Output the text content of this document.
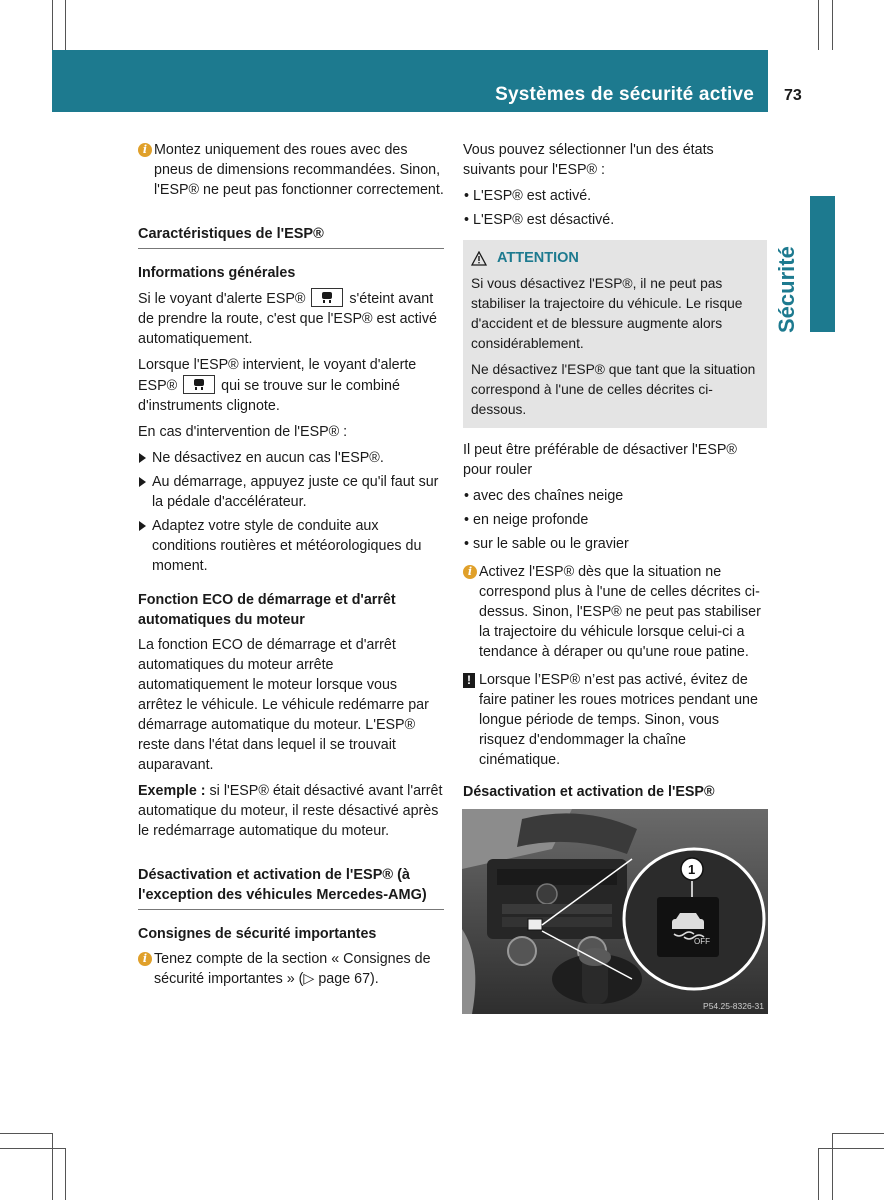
Systèmes de sécurité active 73
Sécurité
i Montez uniquement des roues avec des pneus de dimensions recommandées. Sinon, l'ESP® ne peut pas fonctionner correctement.
Caractéristiques de l'ESP®
Informations générales

Si le voyant d'alerte ESP®	s'éteint avant de prendre la route, c'est que l'ESP® est activé automatiquement.

Lorsque l'ESP® intervient, le voyant d'alerte ESP®	qui se trouve sur le combiné d'instruments clignote.

En cas d'intervention de l'ESP® :

Ne désactivez en aucun cas l'ESP®.
Au démarrage, appuyez juste ce qu'il faut sur la pédale d'accélérateur.
Adaptez votre style de conduite aux conditions routières et météorologiques du moment.
Fonction ECO de démarrage et d'arrêt automatiques du moteur

La fonction ECO de démarrage et d'arrêt automatiques du moteur arrête automatiquement le moteur lorsque vous arrêtez le véhicule. Le véhicule redémarre par démarrage automatique du moteur. L'ESP® reste dans l'état dans lequel il se trouvait auparavant.

Exemple : si l'ESP® était désactivé avant l'arrêt automatique du moteur, il reste désactivé après le redémarrage automatique du moteur.

Désactivation et activation de l'ESP® (à l'exception des véhicules Mercedes-AMG)
Consignes de sécurité importantes
i Tenez compte de la section « Consignes de sécurité importantes » (▷ page 67).

Vous pouvez sélectionner l'un des états suivants pour l'ESP® :

• L'ESP® est activé.
• L'ESP® est désactivé.
ATTENTION

Si vous désactivez l'ESP®, il ne peut pas stabiliser la trajectoire du véhicule. Le risque d'accident et de blessure augmente alors considérablement.

Ne désactivez l'ESP® que tant que la situation correspond à l'une de celles décrites ci-dessous.

Il peut être préférable de désactiver l'ESP® pour rouler

• avec des chaînes neige
• en neige profonde
• sur le sable ou le gravier
i Activez l'ESP® dès que la situation ne correspond plus à l'une de celles décrites ci-dessus. Sinon, l'ESP® ne peut pas stabiliser la trajectoire du véhicule lorsque celui-ci a tendance à déraper ou qu'une roue patine.
! Lorsque l’ESP® n’est pas activé, évitez de faire patiner les roues motrices pendant une longue période de temps. Sinon, vous risquez d'endommager la chaîne cinématique.
Désactivation et activation de l'ESP®
OFF
1
P54.25-8326-31
